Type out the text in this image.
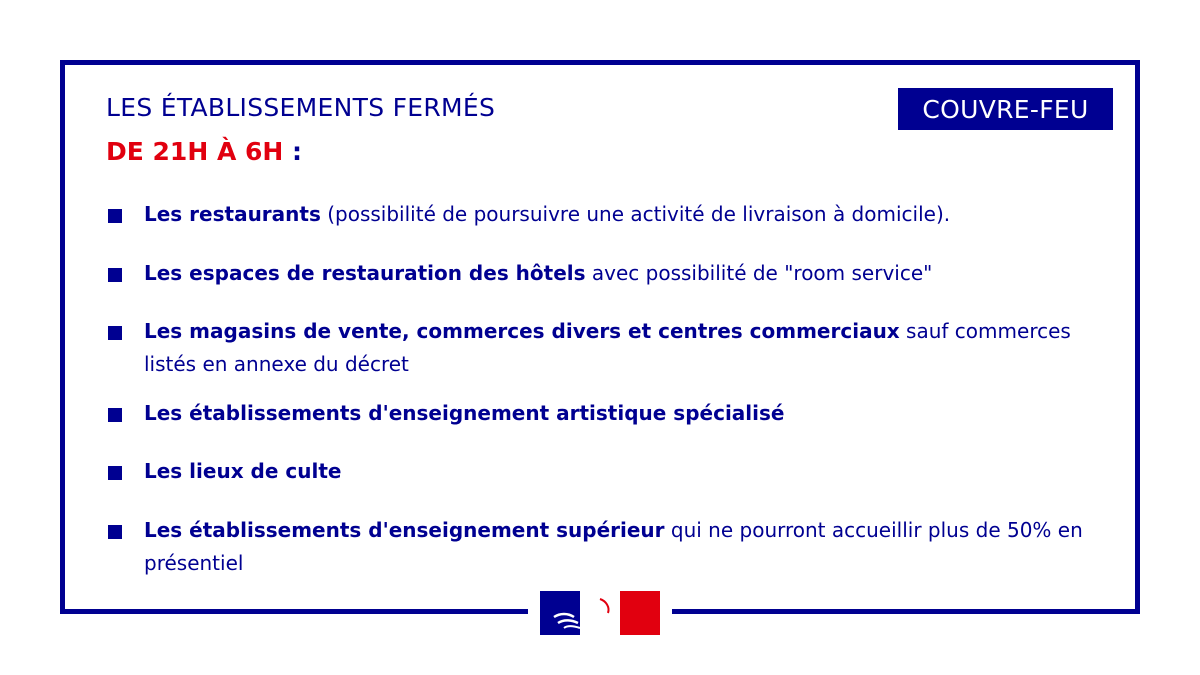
LES ÉTABLISSEMENTS FERMÉS
DE 21H À 6H :
COUVRE-FEU
Les restaurants (possibilité de poursuivre une activité de livraison à domicile).
Les espaces de restauration des hôtels avec possibilité de "room service"
Les magasins de vente, commerces divers et centres commerciaux sauf commerces listés en annexe du décret
Les établissements d'enseignement artistique spécialisé
Les lieux de culte
Les établissements d'enseignement supérieur qui ne pourront accueillir plus de 50% en présentiel
